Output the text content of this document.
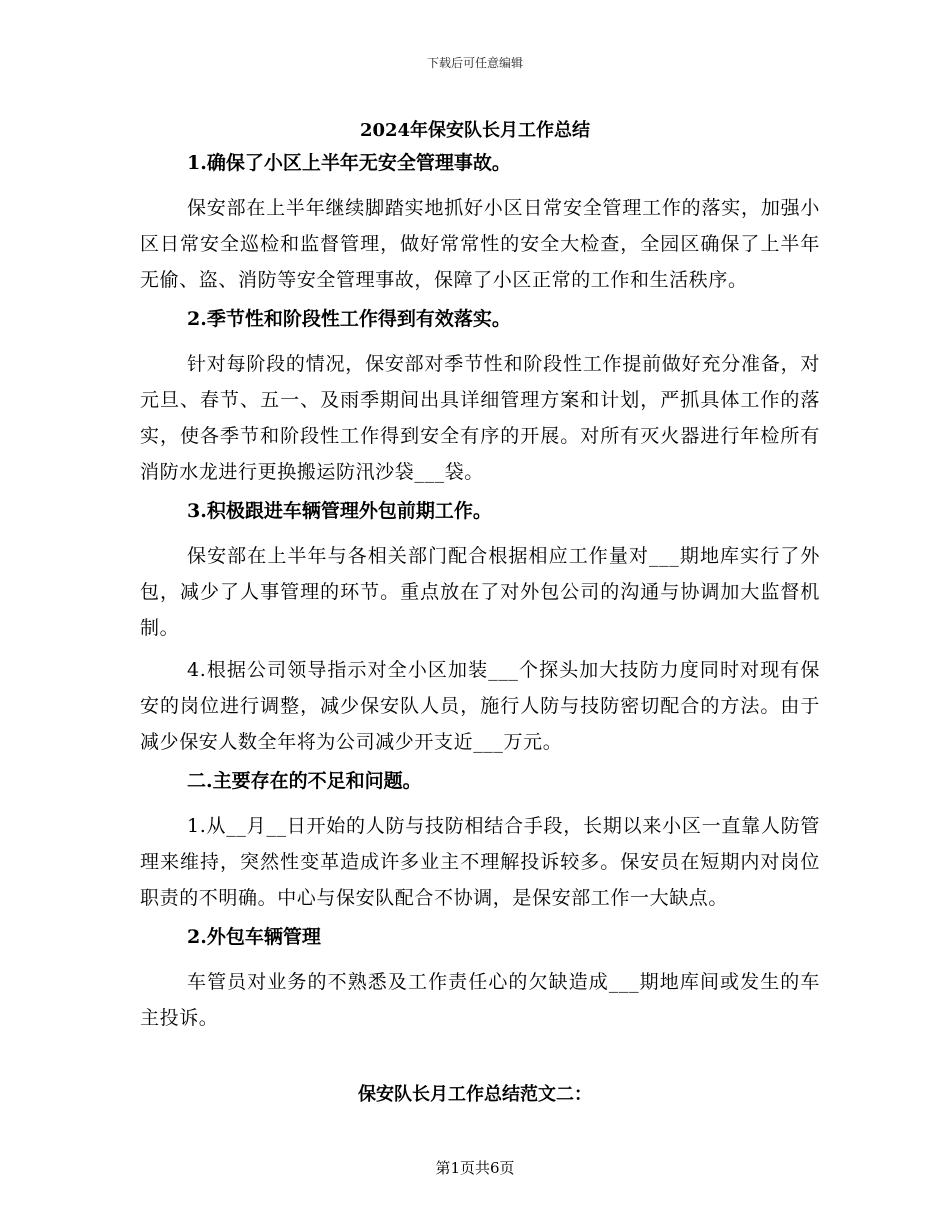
下载后可任意编辑
2024年保安队长月工作总结
1.确保了小区上半年无安全管理事故。
保安部在上半年继续脚踏实地抓好小区日常安全管理工作的落实，加强小区日常安全巡检和监督管理，做好常常性的安全大检查，全园区确保了上半年无偷、盗、消防等安全管理事故，保障了小区正常的工作和生活秩序。
2.季节性和阶段性工作得到有效落实。
针对每阶段的情况，保安部对季节性和阶段性工作提前做好充分准备，对元旦、春节、五一、及雨季期间出具详细管理方案和计划，严抓具体工作的落实，使各季节和阶段性工作得到安全有序的开展。对所有灭火器进行年检所有消防水龙进行更换搬运防汛沙袋___袋。
3.积极跟进车辆管理外包前期工作。
保安部在上半年与各相关部门配合根据相应工作量对___期地库实行了外包，减少了人事管理的环节。重点放在了对外包公司的沟通与协调加大监督机制。
4.根据公司领导指示对全小区加装___个探头加大技防力度同时对现有保安的岗位进行调整，减少保安队人员，施行人防与技防密切配合的方法。由于减少保安人数全年将为公司减少开支近___万元。
二.主要存在的不足和问题。
1.从__月__日开始的人防与技防相结合手段，长期以来小区一直靠人防管理来维持，突然性变革造成许多业主不理解投诉较多。保安员在短期内对岗位职责的不明确。中心与保安队配合不协调，是保安部工作一大缺点。
2.外包车辆管理
车管员对业务的不熟悉及工作责任心的欠缺造成___期地库间或发生的车主投诉。
保安队长月工作总结范文二：
第1页共6页
